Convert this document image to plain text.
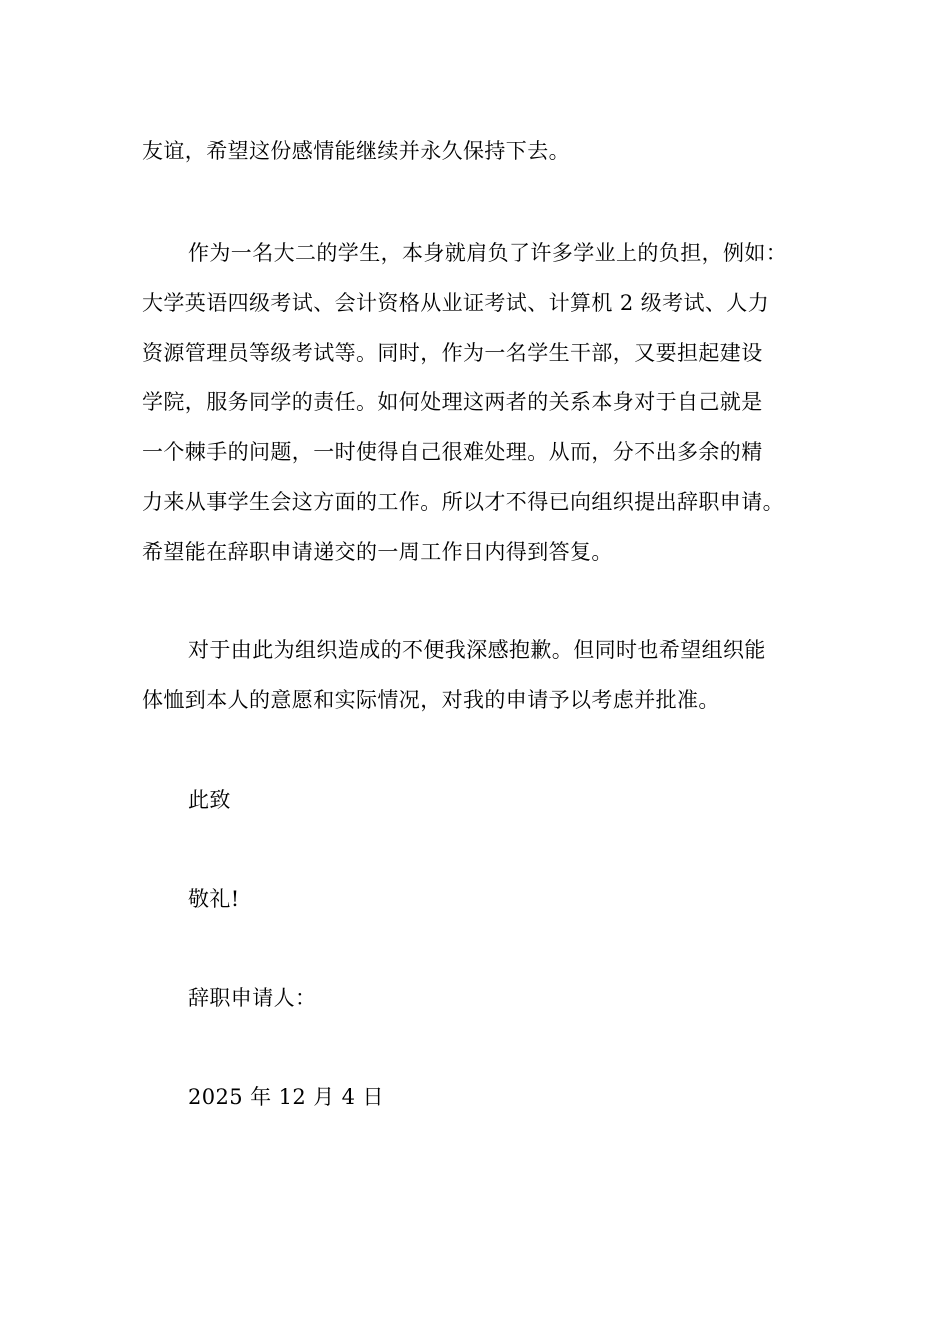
友谊，希望这份感情能继续并永久保持下去。
作为一名大二的学生，本身就肩负了许多学业上的负担，例如：
大学英语四级考试、会计资格从业证考试、计算机 2 级考试、人力
资源管理员等级考试等。同时，作为一名学生干部，又要担起建设
学院，服务同学的责任。如何处理这两者的关系本身对于自己就是
一个棘手的问题，一时使得自己很难处理。从而，分不出多余的精
力来从事学生会这方面的工作。所以才不得已向组织提出辞职申请。
希望能在辞职申请递交的一周工作日内得到答复。
对于由此为组织造成的不便我深感抱歉。但同时也希望组织能
体恤到本人的意愿和实际情况，对我的申请予以考虑并批准。
此致
敬礼!
辞职申请人：
2025 年 12 月 4 日
